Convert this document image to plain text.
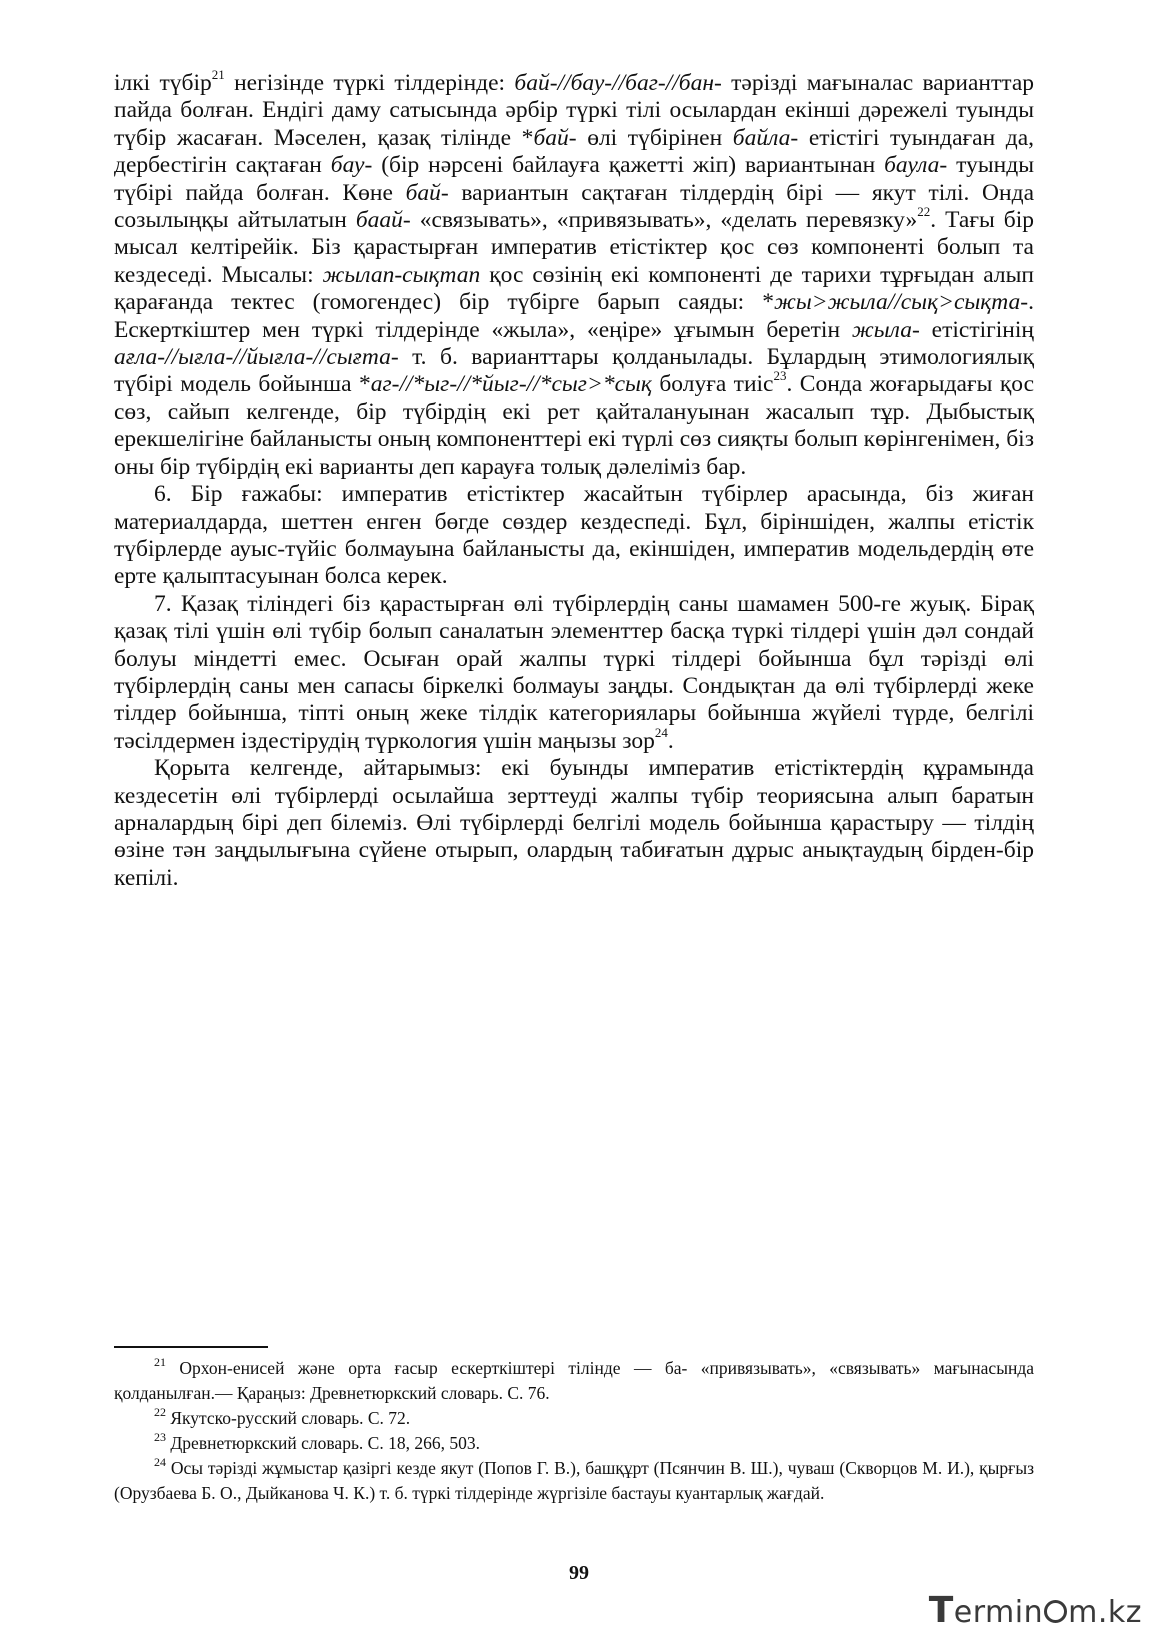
ілкі түбір$^{21}$ негізінде түркі тілдерінде: бай-//бау-//баг-//бан- тәрізді мағыналас варианттар пайда болған. Ендігі даму сатысында әрбір түркі тілі осылардан екінші дәрежелі туынды түбір жасаған. Мәселен, қазақ тілінде *бай- өлі түбірінен байла- етістігі туындаған да, дербестігін сақтаған бау- (бір нәрсені байлауға қажетті жіп) вариантынан баула- туынды түбірі пайда болған. Көне бай- вариантын сақтаған тілдердің бірі — якут тілі. Онда созылыңқы айтылатын баай- «связывать», «привязывать», «делать перевязку»$^{22}$. Тағы бір мысал келтірейік. Біз қарастырған императив етістіктер қос сөз компоненті болып та кездеседі. Мысалы: жылап-сықтап қос сөзінің екі компоненті де тарихи тұрғыдан алып қарағанда тектес (гомогендес) бір түбірге барып саяды: *жы>жыла//сық>сықта-. Ескерткіштер мен түркі тілдерінде «жыла», «еңіре» ұғымын беретін жыла- етістігінің ағла-//ығла-//йығла-//сығта- т. б. варианттары қолданылады. Бұлардың этимологиялық түбірі модель бойынша *аг-//*ыг-//*йыг-//*сыг>*сық болуға тиіс$^{23}$. Сонда жоғарыдағы қос сөз, сайып келгенде, бір түбірдің екі рет қайталануынан жасалып тұр. Дыбыстық ерекшелігіне байланысты оның компоненттері екі түрлі сөз сияқты болып көрінгенімен, біз оны бір түбірдің екі варианты деп карауға толық дәлеліміз бар.

6. Бір ғажабы: императив етістіктер жасайтын түбірлер арасында, біз жиған материалдарда, шеттен енген бөгде сөздер кездеспеді. Бұл, біріншіден, жалпы етістік түбірлерде ауыс-түйіс болмауына байланысты да, екіншіден, императив модельдердің өте ерте қалыптасуынан болса керек.

7. Қазақ тіліндегі біз қарастырған өлі түбірлердің саны шамамен 500-ге жуық. Бірақ қазақ тілі үшін өлі түбір болып саналатын элементтер басқа түркі тілдері үшін дәл сондай болуы міндетті емес. Осыған орай жалпы түркі тілдері бойынша бұл тәрізді өлі түбірлердің саны мен сапасы біркелкі болмауы заңды. Сондықтан да өлі түбірлерді жеке тілдер бойынша, тіпті оның жеке тілдік категориялары бойынша жүйелі түрде, белгілі тәсілдермен іздестірудің түркология үшін маңызы зор$^{24}$.

Қорыта келгенде, айтарымыз: екі буынды императив етістіктердің құрамында кездесетін өлі түбірлерді осылайша зерттеуді жалпы түбір теориясына алып баратын арналардың бірі деп білеміз. Өлі түбірлерді белгілі модель бойынша қарастыру — тілдің өзіне тән заңдылығына сүйене отырып, олардың табиғатын дұрыс анықтаудың бірден-бір кепілі.

$^{21}$ Орхон-енисей және орта ғасыр ескерткіштері тілінде — ба- «привязывать», «связывать» мағынасында қолданылған.— Қараңыз: Древнетюркский словарь. С. 76.

$^{22}$ Якутско-русский словарь. С. 72.

$^{23}$ Древнетюркский словарь. С. 18, 266, 503.

$^{24}$ Осы тәрізді жұмыстар қазіргі кезде якут (Попов Г. В.), башқұрт (Псянчин В. Ш.), чуваш (Скворцов М. И.), қырғыз (Орузбаева Б. О., Дыйканова Ч. К.) т. б. түркі тілдерінде жүргізіле бастауы куантарлық жағдай.

99
Termin m.kz
